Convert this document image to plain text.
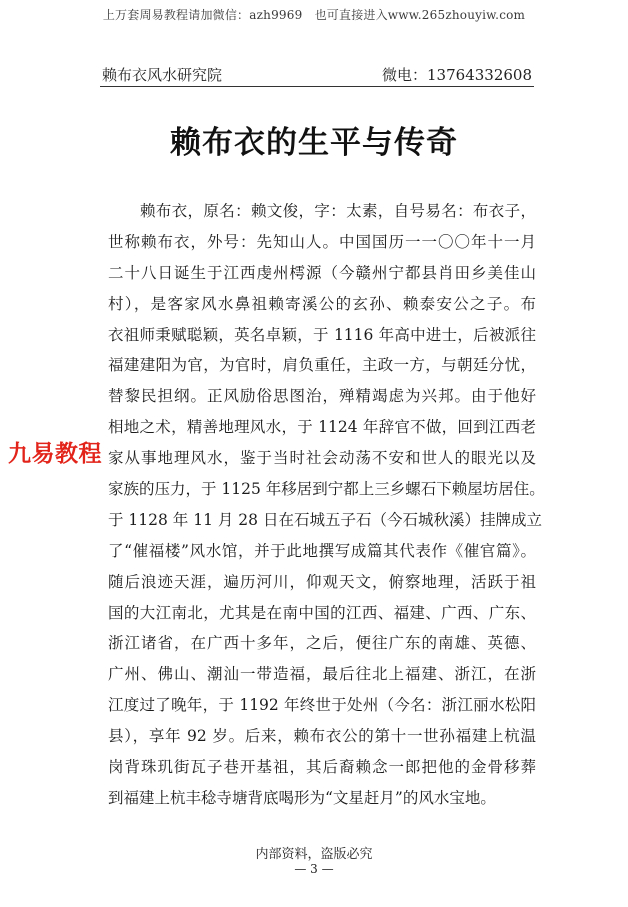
上万套周易教程请加微信：azh9969　也可直接进入www.265zhouyiw.com
赖布衣风水研究院	微电：13764332608
赖布衣的生平与传奇
赖布衣，原名：赖文俊，字：太素，自号易名：布衣子，
世称赖布衣，外号：先知山人。中国国历一一〇〇年十一月
二十八日诞生于江西虔州樗源（今赣州宁都县肖田乡美佳山
村），是客家风水鼻祖赖寄溪公的玄孙、赖泰安公之子。布
衣祖师秉赋聪颖，英名卓颖，于 1116 年高中进士，后被派往
福建建阳为官，为官时，肩负重任，主政一方，与朝廷分忧，
替黎民担纲。正风励俗思图治，殚精竭虑为兴邦。由于他好
相地之术，精善地理风水，于 1124 年辞官不做，回到江西老
家从事地理风水，鉴于当时社会动荡不安和世人的眼光以及
家族的压力，于 1125 年移居到宁都上三乡螺石下赖屋坊居住。
于 1128 年 11 月 28 日在石城五子石（今石城秋溪）挂牌成立
了“催福楼”风水馆，并于此地撰写成篇其代表作《催官篇》。
随后浪迹天涯，遍历河川，仰观天文，俯察地理，活跃于祖
国的大江南北，尤其是在南中国的江西、福建、广西、广东、
浙江诸省，在广西十多年，之后，便往广东的南雄、英德、
广州、佛山、潮汕一带造福，最后往北上福建、浙江，在浙
江度过了晚年，于 1192 年终世于处州（今名：浙江丽水松阳
县），享年 92 岁。后来，赖布衣公的第十一世孙福建上杭温
岗背珠玑街瓦子巷开基祖，其后裔赖念一郎把他的金骨移葬
到福建上杭丰稔寺塘背底喝形为“文星赶月”的风水宝地。
九易教程
内部资料，盗版必究
— 3 —
